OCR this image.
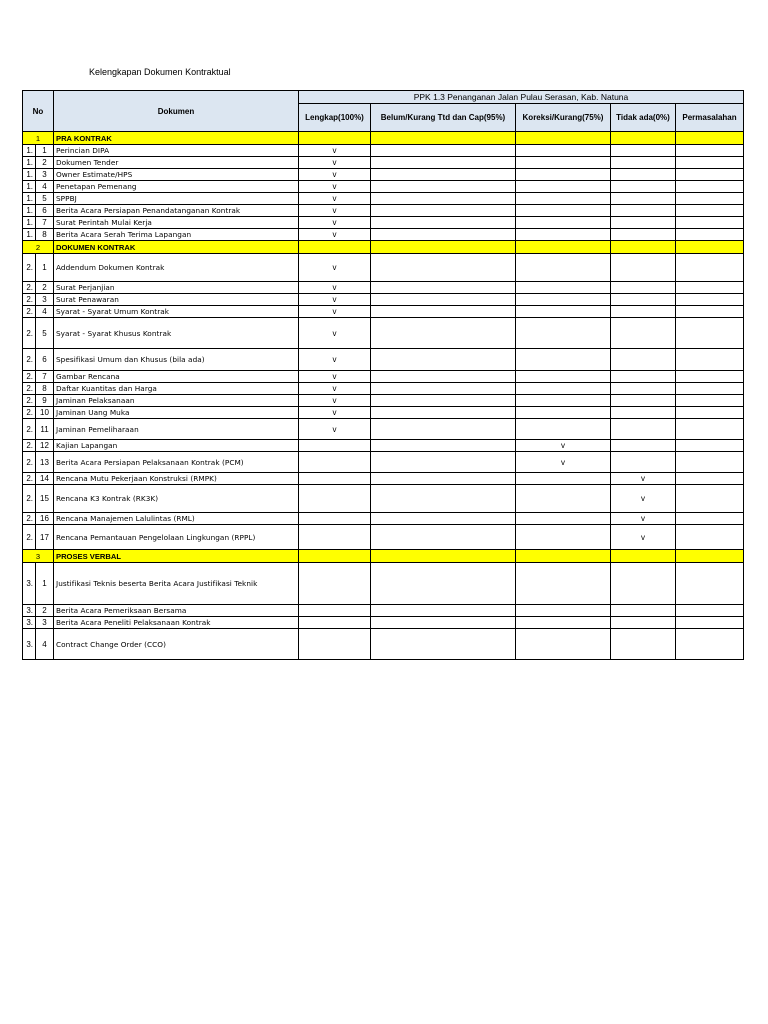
Kelengkapan Dokumen Kontraktual
No		Dokumen	PPK 1.3 Penanganan Jalan Pulau Serasan, Kab. Natuna				
			Lengkap(100%)	Belum/Kurang Ttd dan Cap(95%)	Koreksi/Kurang(75%)	Tidak ada(0%)	Permasalahan
1		PRA KONTRAK					
1.	1	Perincian DIPA	v				
1.	2	Dokumen Tender	v				
1.	3	Owner Estimate/HPS	v				
1.	4	Penetapan Pemenang	v				
1.	5	SPPBJ	v				
1.	6	Berita Acara Persiapan Penandatanganan Kontrak	v				
1.	7	Surat Perintah Mulai Kerja	v				
1.	8	Berita Acara Serah Terima Lapangan	v				
2		DOKUMEN KONTRAK					
2.	1	Addendum Dokumen Kontrak	v				
2.	2	Surat Perjanjian	v				
2.	3	Surat Penawaran	v				
2.	4	Syarat - Syarat Umum Kontrak	v				
2.	5	Syarat - Syarat Khusus Kontrak	v				
2.	6	Spesifikasi Umum dan Khusus (bila ada)	v				
2.	7	Gambar Rencana	v				
2.	8	Daftar Kuantitas dan Harga	v				
2.	9	Jaminan Pelaksanaan	v				
2.	10	Jaminan Uang Muka	v				
2.	11	Jaminan Pemeliharaan	v				
2.	12	Kajian Lapangan			v		
2.	13	Berita Acara Persiapan Pelaksanaan Kontrak (PCM)			v		
2.	14	Rencana Mutu Pekerjaan Konstruksi (RMPK)				v	
2.	15	Rencana K3 Kontrak (RK3K)				v	
2.	16	Rencana Manajemen Lalulintas (RML)				v	
2.	17	Rencana Pemantauan Pengelolaan Lingkungan (RPPL)				v	
3		PROSES VERBAL					
3.	1	Justifikasi Teknis beserta Berita Acara Justifikasi Teknik					
3.	2	Berita Acara Pemeriksaan Bersama					
3.	3	Berita Acara Peneliti Pelaksanaan Kontrak					
3.	4	Contract Change Order (CCO)					
